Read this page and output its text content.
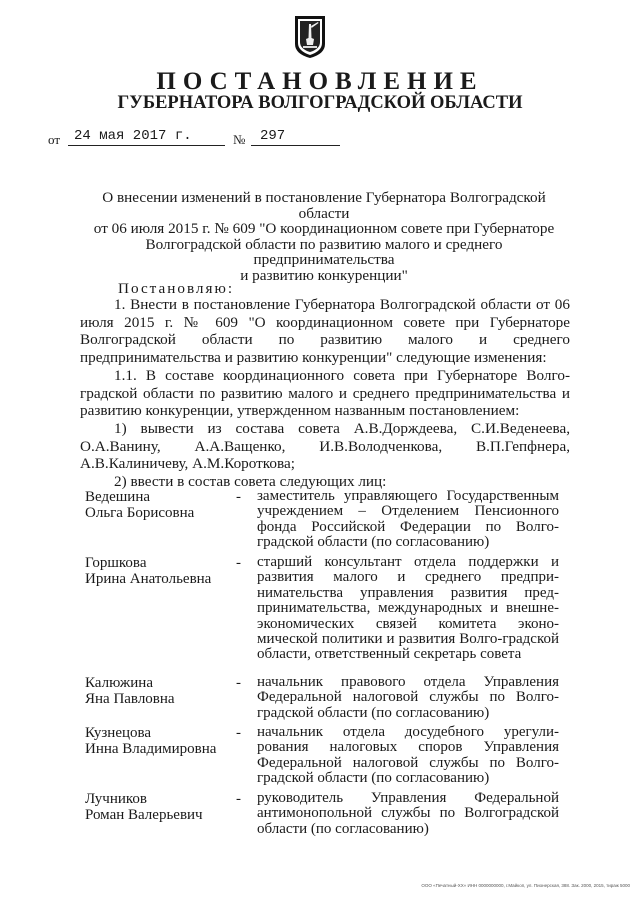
ПОСТАНОВЛЕНИЕ
ГУБЕРНАТОРА ВОЛГОГРАДСКОЙ ОБЛАСТИ
от 24 мая 2017 г.	№ 297
О внесении изменений в постановление Губернатора Волгоградской области
от 06 июля 2015 г. № 609 "О координационном совете при Губернаторе
Волгоградской области по развитию малого и среднего предпринимательства
и развитию конкуренции"
Постановляю:

1. Внести в постановление Губернатора Волгоградской области от 06 июля 2015 г. № 609 "О координационном совете при Губернаторе Волгоградской области по развитию малого и среднего предпринимательства и развитию конкуренции" следующие изменения:

1.1. В составе координационного совета при Губернаторе Волго-градской области по развитию малого и среднего предпринимательства и развитию конкуренции, утвержденном названным постановлением:

1) вывести из состава совета А.В.Дорждеева, С.И.Веденеева, О.А.Ванину, А.А.Ващенко, И.В.Володченкова, В.П.Гепфнера, А.В.Калиничеву, А.М.Короткова;

2) ввести в состав совета следующих лиц:

Ведешина
Ольга Борисовна
- заместитель управляющего Государственным учреждением – Отделением Пенсионного фонда Российской Федерации по Волго-градской области (по согласованию)
Горшкова
Ирина Анатольевна
- старший консультант отдела поддержки и развития малого и среднего предпри-нимательства управления развития пред-принимательства, международных и внешне-экономических связей комитета эконо-мической политики и развития Волго-градской области, ответственный секретарь совета
Калюжина
Яна Павловна
- начальник правового отдела Управления Федеральной налоговой службы по Волго-градской области (по согласованию)
Кузнецова
Инна Владимировна
- начальник отдела досудебного урегули-рования налоговых споров Управления Федеральной налоговой службы по Волго-градской области (по согласованию)
Лучников
Роман Валерьевич
- руководитель Управления Федеральной антимонопольной службы по Волгоградской области (по согласованию)
ООО «Печатный-ХХ» ИНН 0000000000, г.Майкоп, ул. Пионерская, 388. Зак. 2000, 2015, тираж 5000
